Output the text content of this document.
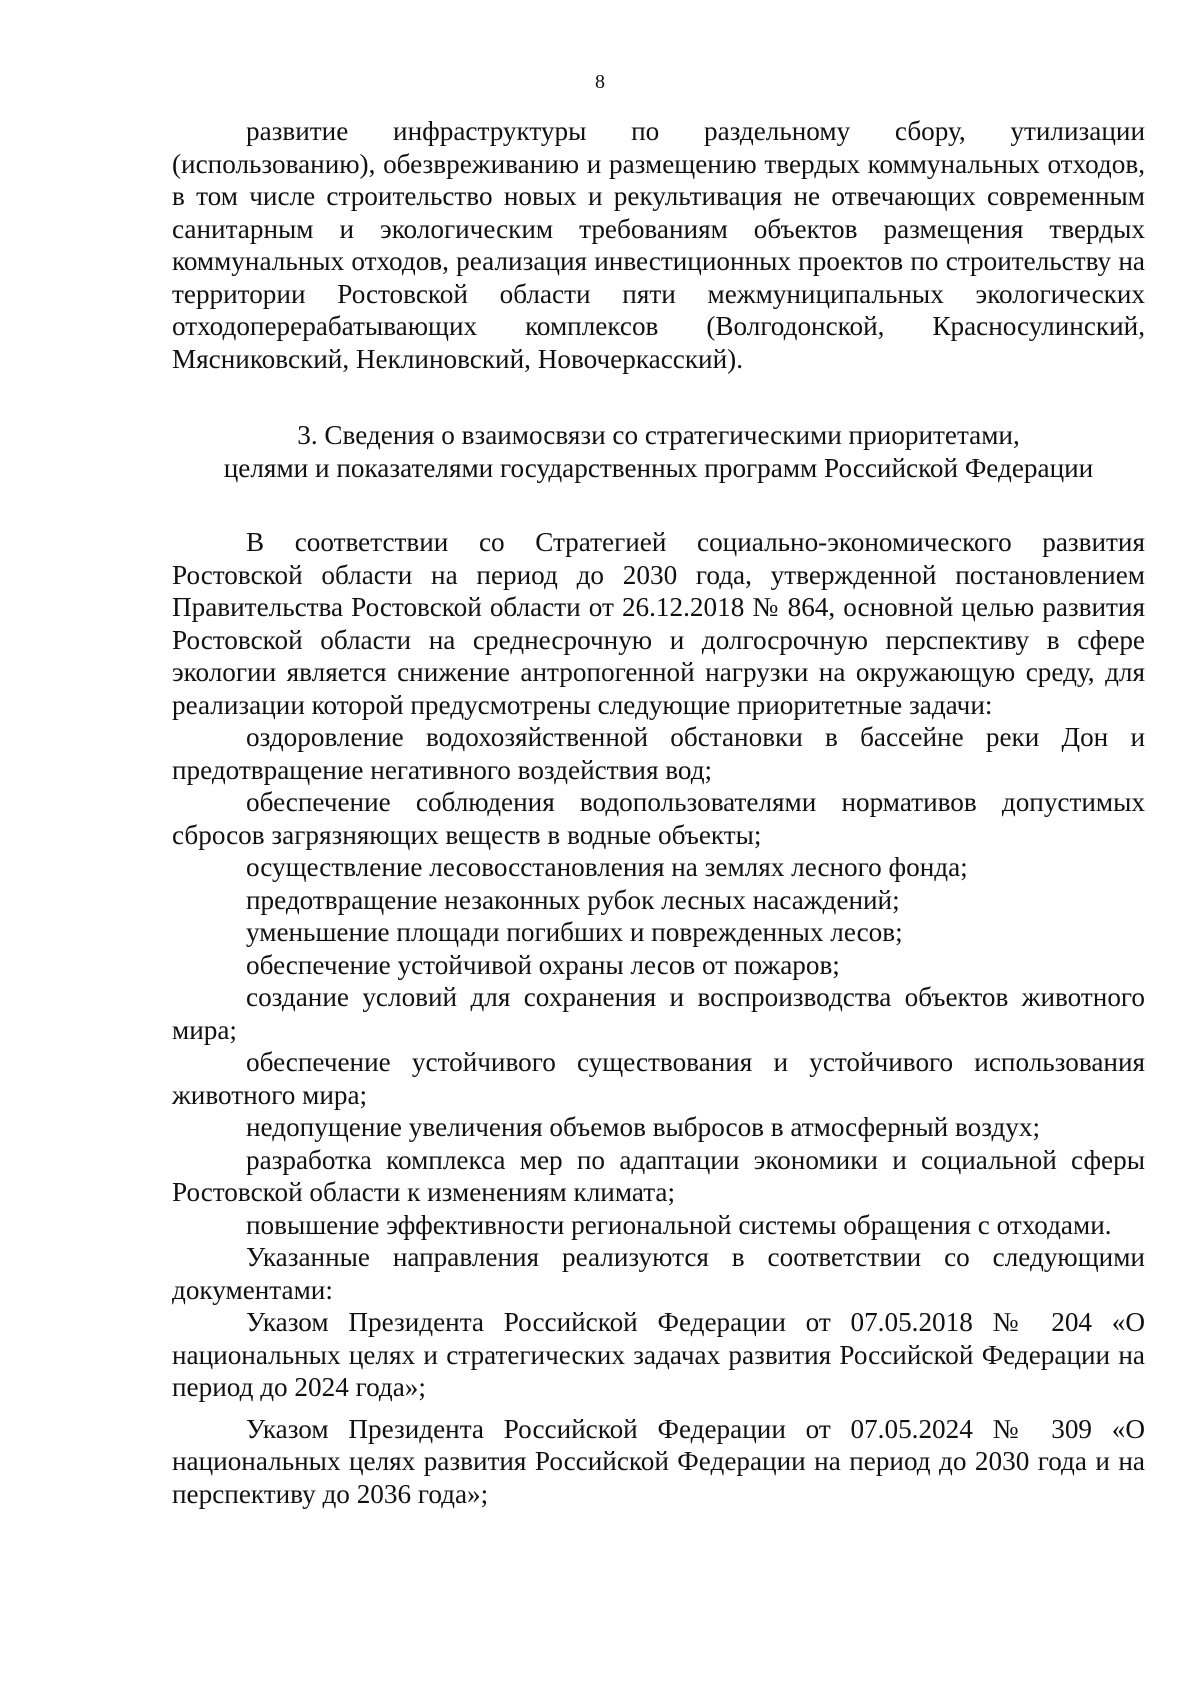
8

развитие инфраструктуры по раздельному сбору, утилизации (использованию), обезвреживанию и размещению твердых коммунальных отходов, в том числе строительство новых и рекультивация не отвечающих современным санитарным и экологическим требованиям объектов размещения твердых коммунальных отходов, реализация инвестиционных проектов по строительству на территории Ростовской области пяти межмуниципальных экологических отходоперерабатывающих комплексов (Волгодонской, Красносулинский, Мясниковский, Неклиновский, Новочеркасский).

3. Сведения о взаимосвязи со стратегическими приоритетами,
целями и показателями государственных программ Российской Федерации

В соответствии со Стратегией социально-экономического развития Ростовской области на период до 2030 года, утвержденной постановлением Правительства Ростовской области от 26.12.2018 № 864, основной целью развития Ростовской области на среднесрочную и долгосрочную перспективу в сфере экологии является снижение антропогенной нагрузки на окружающую среду, для реализации которой предусмотрены следующие приоритетные задачи:

оздоровление водохозяйственной обстановки в бассейне реки Дон и предотвращение негативного воздействия вод;

обеспечение соблюдения водопользователями нормативов допустимых сбросов загрязняющих веществ в водные объекты;

осуществление лесовосстановления на землях лесного фонда;

предотвращение незаконных рубок лесных насаждений;

уменьшение площади погибших и поврежденных лесов;

обеспечение устойчивой охраны лесов от пожаров;

создание условий для сохранения и воспроизводства объектов животного мира;

обеспечение устойчивого существования и устойчивого использования животного мира;

недопущение увеличения объемов выбросов в атмосферный воздух;

разработка комплекса мер по адаптации экономики и социальной сферы Ростовской области к изменениям климата;

повышение эффективности региональной системы обращения с отходами.

Указанные направления реализуются в соответствии со следующими документами:

Указом Президента Российской Федерации от 07.05.2018 № 204 «О национальных целях и стратегических задачах развития Российской Федерации на период до 2024 года»;

Указом Президента Российской Федерации от 07.05.2024 № 309 «О национальных целях развития Российской Федерации на период до 2030 года и на перспективу до 2036 года»;
